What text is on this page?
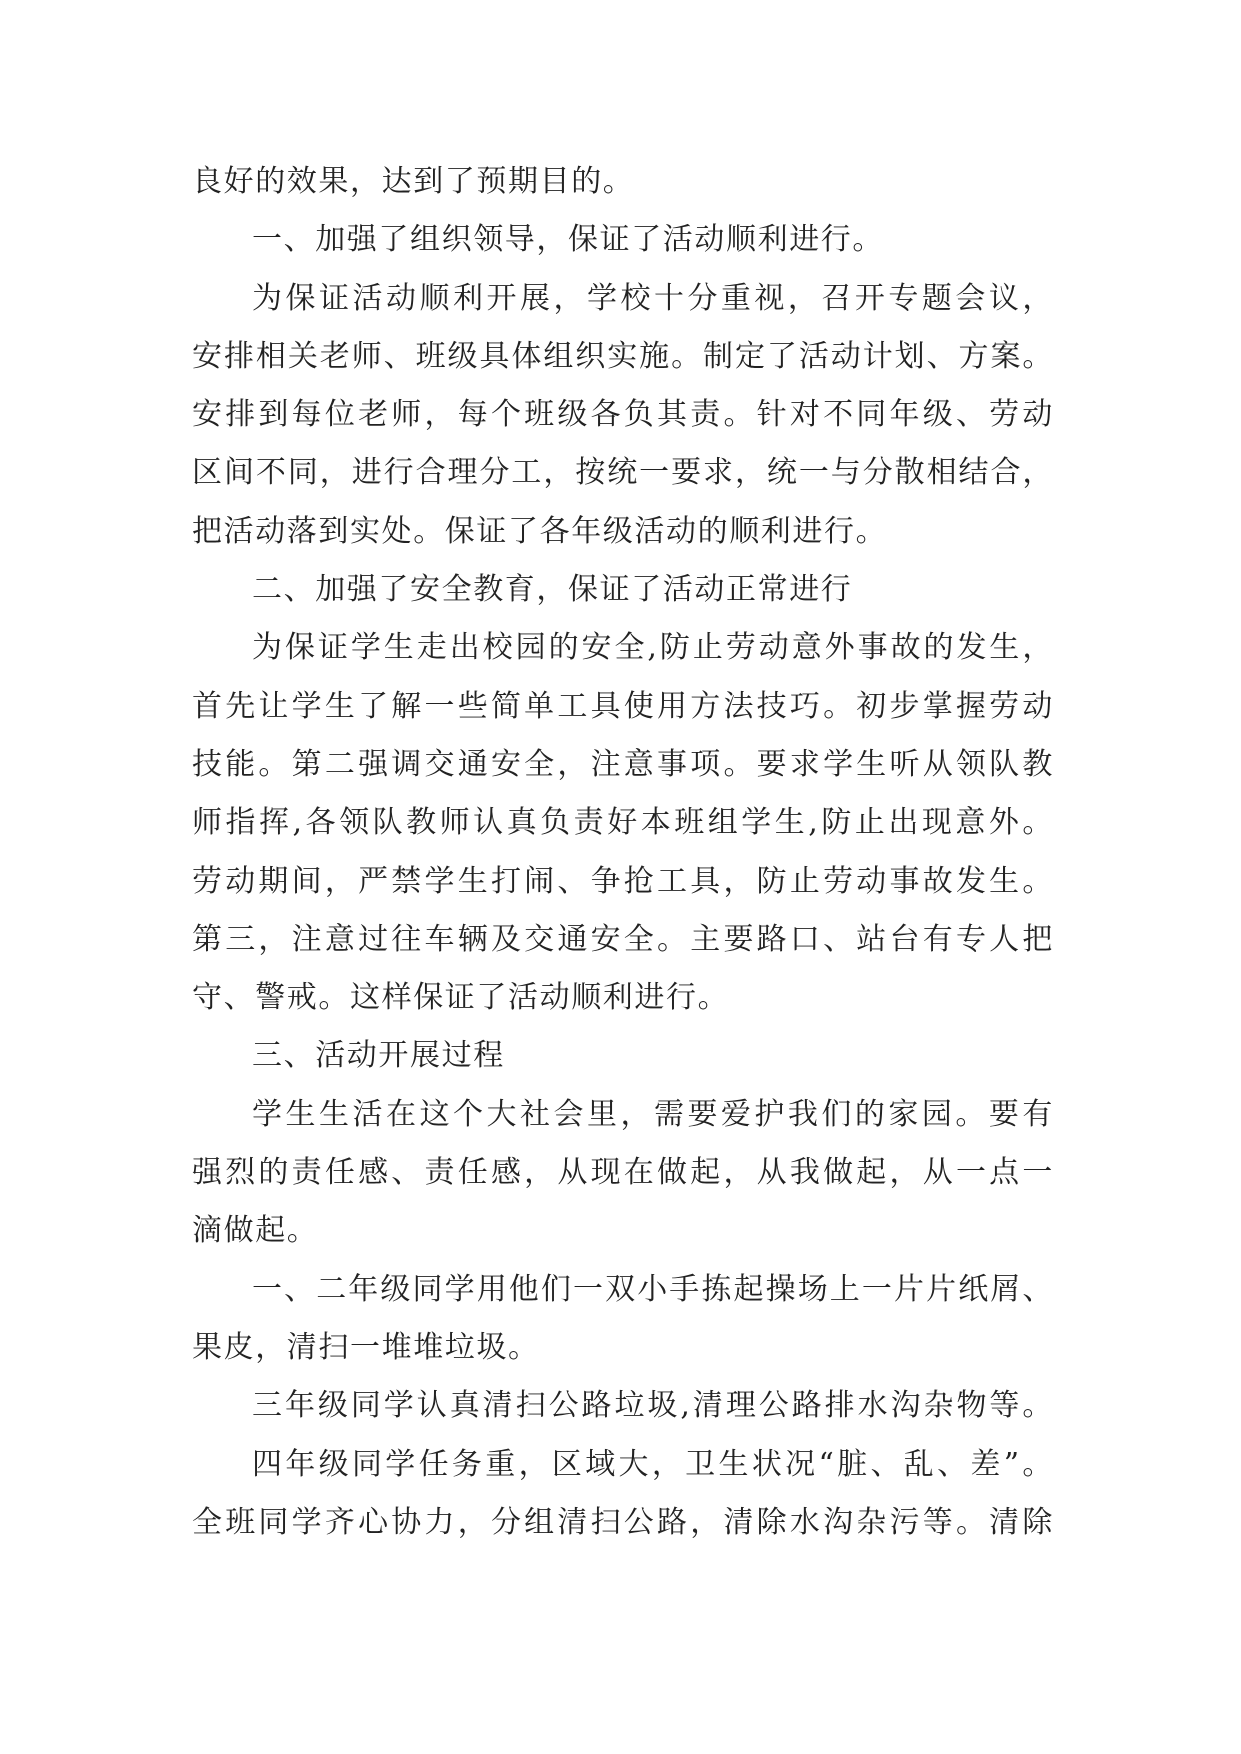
良好的效果，达到了预期目的。
一、加强了组织领导，保证了活动顺利进行。
为保证活动顺利开展，学校十分重视，召开专题会议，
安排相关老师、班级具体组织实施。制定了活动计划、方案。
安排到每位老师，每个班级各负其责。针对不同年级、劳动
区间不同，进行合理分工，按统一要求，统一与分散相结合，
把活动落到实处。保证了各年级活动的顺利进行。
二、加强了安全教育，保证了活动正常进行
为保证学生走出校园的安全,防止劳动意外事故的发生，
首先让学生了解一些简单工具使用方法技巧。初步掌握劳动
技能。第二强调交通安全，注意事项。要求学生听从领队教
师指挥,各领队教师认真负责好本班组学生,防止出现意外。
劳动期间，严禁学生打闹、争抢工具，防止劳动事故发生。
第三，注意过往车辆及交通安全。主要路口、站台有专人把
守、警戒。这样保证了活动顺利进行。
三、活动开展过程
学生生活在这个大社会里，需要爱护我们的家园。要有
强烈的责任感、责任感，从现在做起，从我做起，从一点一
滴做起。
一、二年级同学用他们一双小手拣起操场上一片片纸屑、
果皮，清扫一堆堆垃圾。
三年级同学认真清扫公路垃圾,清理公路排水沟杂物等。
四年级同学任务重，区域大，卫生状况“脏、乱、差”。
全班同学齐心协力，分组清扫公路，清除水沟杂污等。清除
